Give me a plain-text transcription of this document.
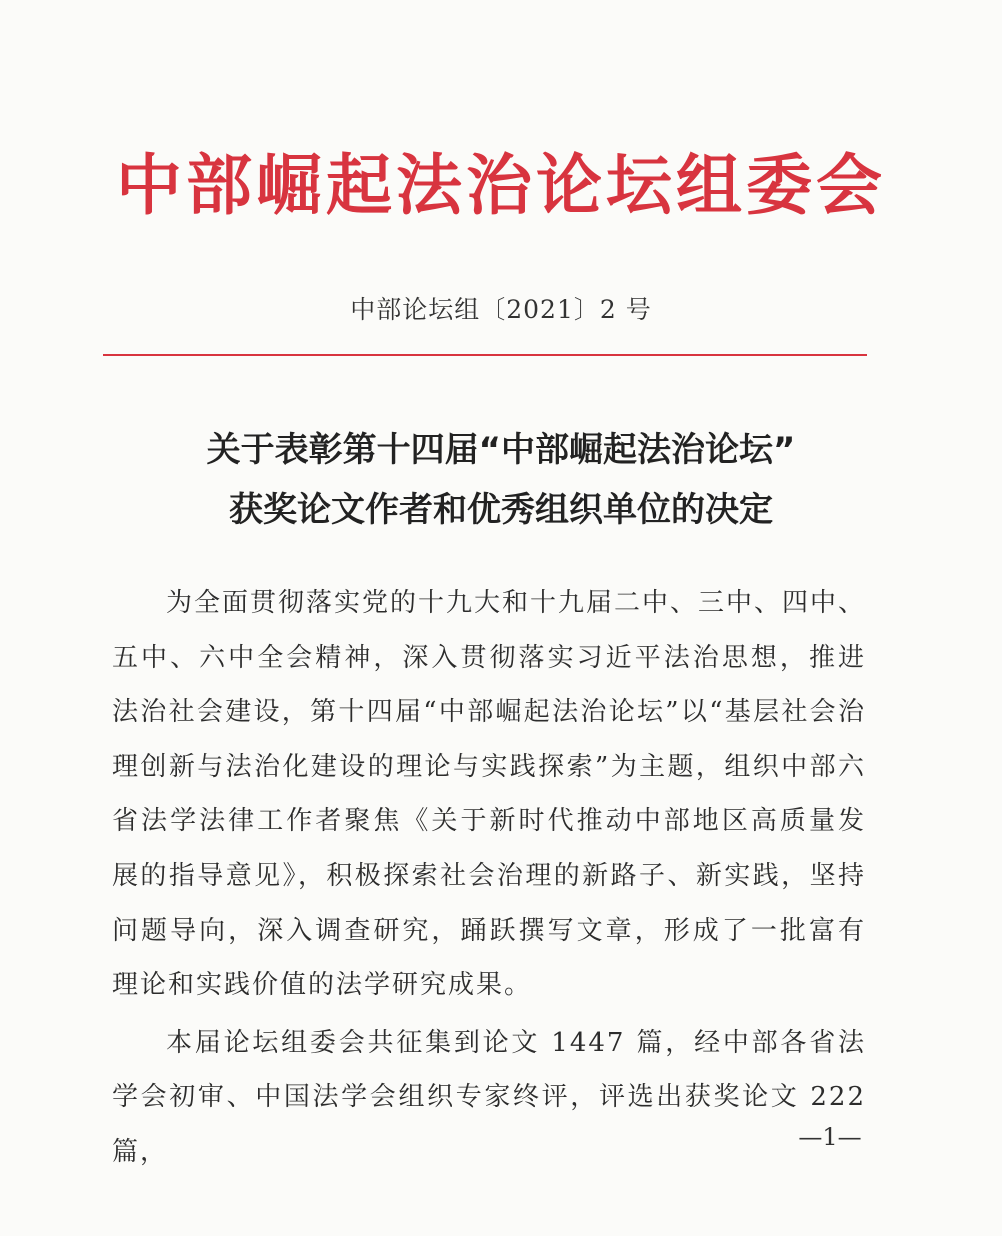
中部崛起法治论坛组委会
中部论坛组〔2021〕2 号
关于表彰第十四届“中部崛起法治论坛”
获奖论文作者和优秀组织单位的决定

为全面贯彻落实党的十九大和十九届二中、三中、四中、五中、六中全会精神，深入贯彻落实习近平法治思想，推进法治社会建设，第十四届“中部崛起法治论坛”以“基层社会治理创新与法治化建设的理论与实践探索”为主题，组织中部六省法学法律工作者聚焦《关于新时代推动中部地区高质量发展的指导意见》，积极探索社会治理的新路子、新实践，坚持问题导向，深入调查研究，踊跃撰写文章，形成了一批富有理论和实践价值的法学研究成果。

本届论坛组委会共征集到论文 1447 篇，经中部各省法学会初审、中国法学会组织专家终评，评选出获奖论文 222 篇，	—1—
